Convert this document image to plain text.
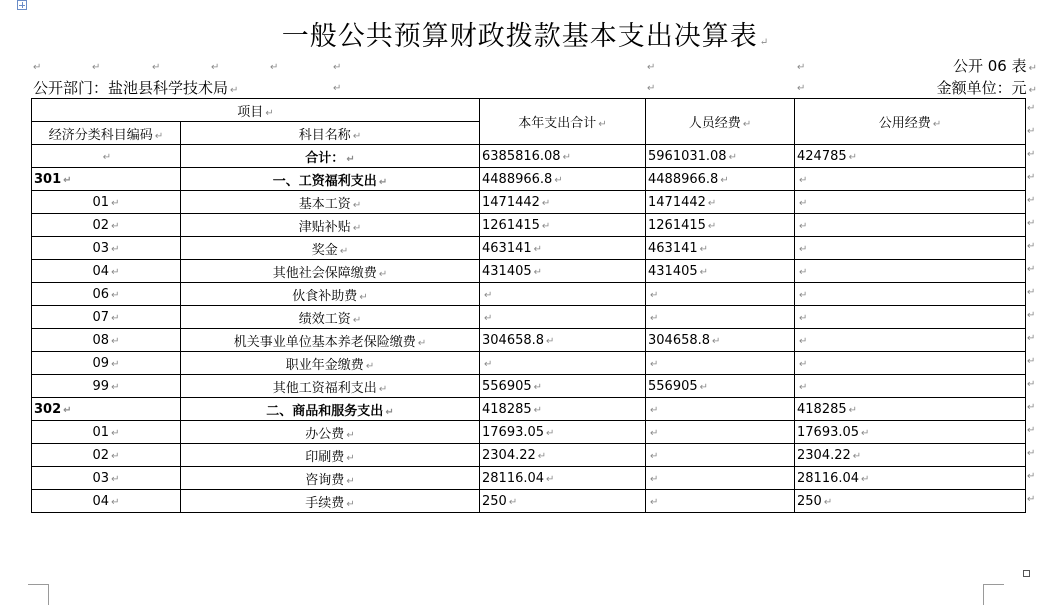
一般公共预算财政拨款基本支出决算表 ↵
↵	↵	↵	↵	↵	↵	↵	↵
↵	↵	↵
公开 06 表 ↵
公开部门：盐池县科学技术局 ↵	金额单位：元 ↵
项目 ↵		本年支出合计 ↵	人员经费 ↵	公用经费 ↵
经济分类科目编码 ↵	科目名称 ↵			
↵	合计： ↵	6385816.08 ↵	5961031.08 ↵	424785 ↵
301 ↵	一、工资福利支出 ↵	4488966.8 ↵	4488966.8 ↵	↵
01 ↵	基本工资 ↵	1471442 ↵	1471442 ↵	↵
02 ↵	津贴补贴 ↵	1261415 ↵	1261415 ↵	↵
03 ↵	奖金 ↵	463141 ↵	463141 ↵	↵
04 ↵	其他社会保障缴费 ↵	431405 ↵	431405 ↵	↵
06 ↵	伙食补助费 ↵	↵	↵	↵
07 ↵	绩效工资 ↵	↵	↵	↵
08 ↵	机关事业单位基本养老保险缴费 ↵	304658.8 ↵	304658.8 ↵	↵
09 ↵	职业年金缴费 ↵	↵	↵	↵
99 ↵	其他工资福利支出 ↵	556905 ↵	556905 ↵	↵
302 ↵	二、商品和服务支出 ↵	418285 ↵	↵	418285 ↵
01 ↵	办公费 ↵	17693.05 ↵	↵	17693.05 ↵
02 ↵	印刷费 ↵	2304.22 ↵	↵	2304.22 ↵
03 ↵	咨询费 ↵	28116.04 ↵	↵	28116.04 ↵
04 ↵	手续费 ↵	250 ↵	↵	250 ↵
↵
↵
↵
↵
↵
↵
↵
↵
↵
↵
↵
↵
↵
↵
↵
↵
↵
↵
